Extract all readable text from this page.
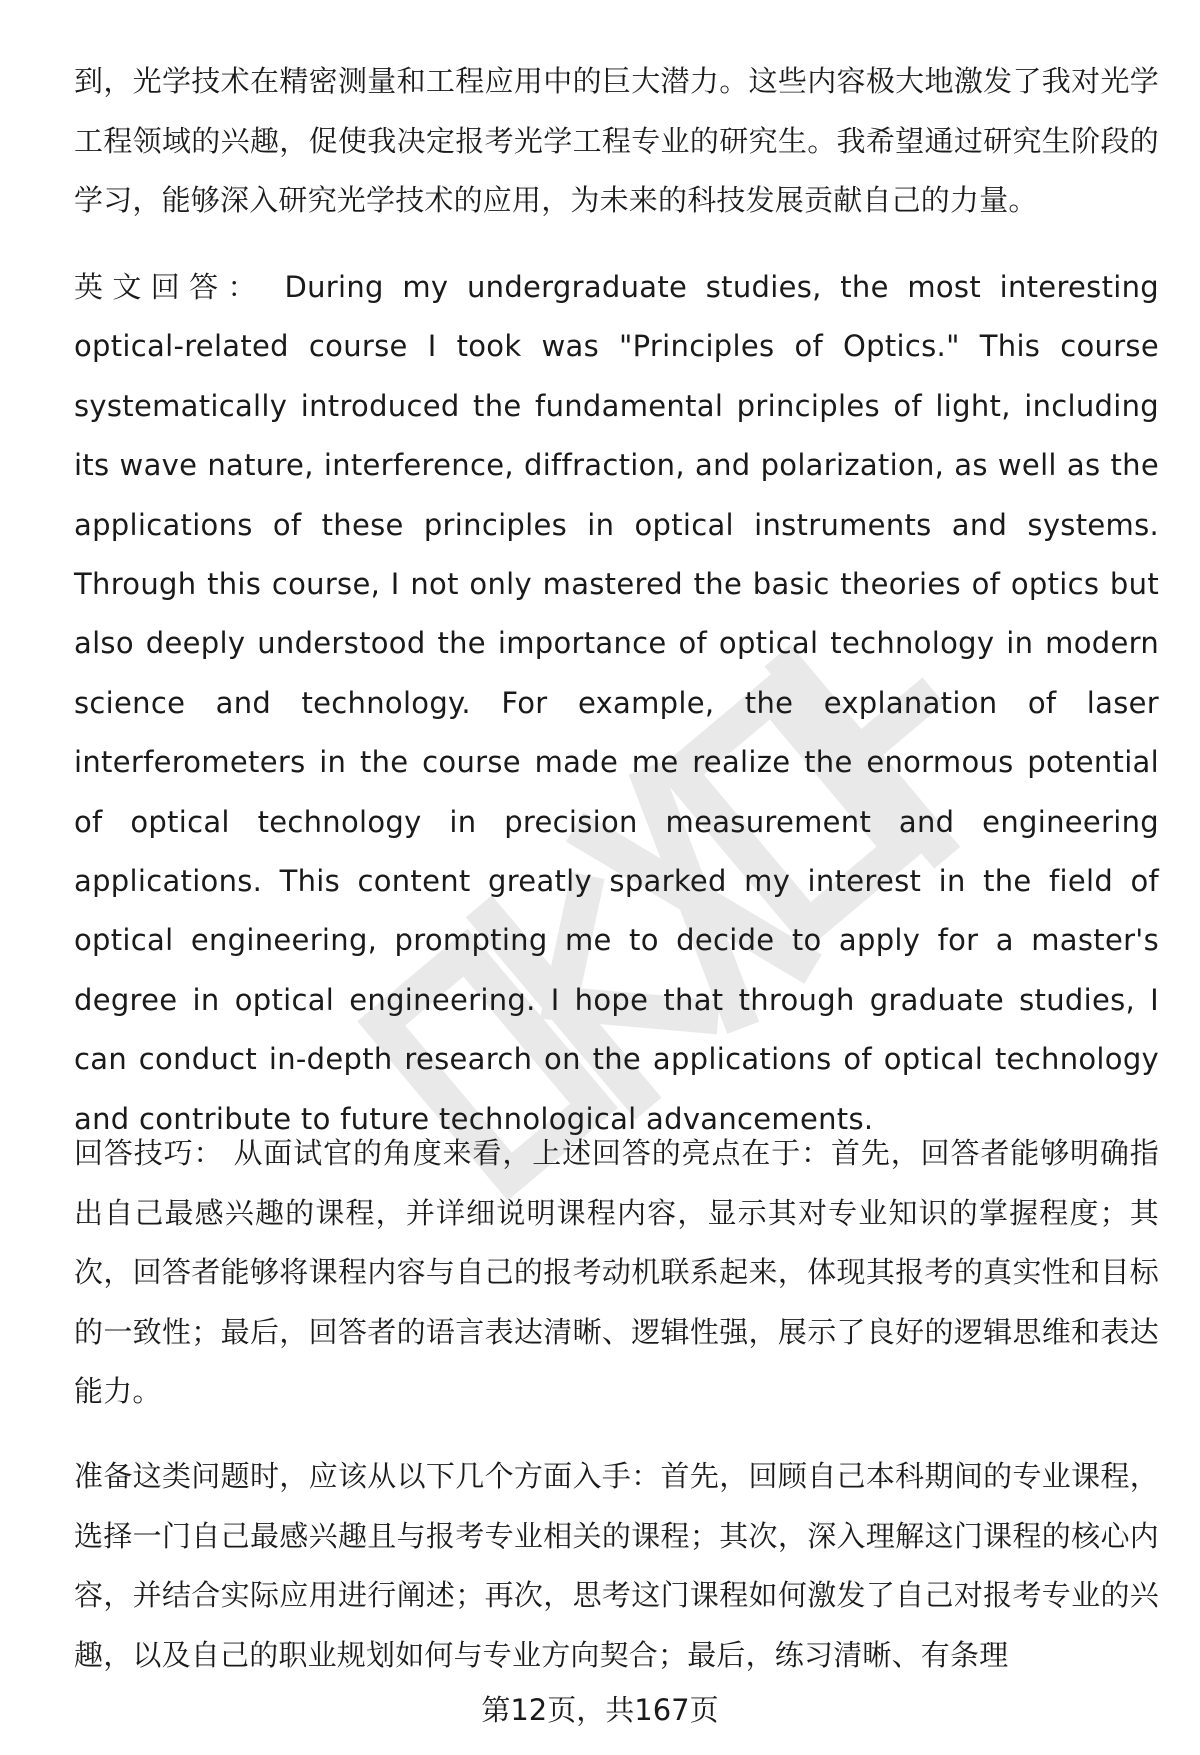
到，光学技术在精密测量和工程应用中的巨大潜力。这些内容极大地激发了我对光学工程领域的兴趣，促使我决定报考光学工程专业的研究生。我希望通过研究生阶段的学习，能够深入研究光学技术的应用，为未来的科技发展贡献自己的力量。

英文回答： During my undergraduate studies, the most interesting optical-related course I took was "Principles of Optics." This course systematically introduced the fundamental principles of light, including its wave nature, interference, diffraction, and polarization, as well as the applications of these principles in optical instruments and systems. Through this course, I not only mastered the basic theories of optics but also deeply understood the importance of optical technology in modern science and technology. For example, the explanation of laser interferometers in the course made me realize the enormous potential of optical technology in precision measurement and engineering applications. This content greatly sparked my interest in the field of optical engineering, prompting me to decide to apply for a master's degree in optical engineering. I hope that through graduate studies, I can conduct in-depth research on the applications of optical technology and contribute to future technological advancements.

回答技巧： 从面试官的角度来看，上述回答的亮点在于：首先，回答者能够明确指出自己最感兴趣的课程，并详细说明课程内容，显示其对专业知识的掌握程度；其次，回答者能够将课程内容与自己的报考动机联系起来，体现其报考的真实性和目标的一致性；最后，回答者的语言表达清晰、逻辑性强，展示了良好的逻辑思维和表达能力。

准备这类问题时，应该从以下几个方面入手：首先，回顾自己本科期间的专业课程，选择一门自己最感兴趣且与报考专业相关的课程；其次，深入理解这门课程的核心内容，并结合实际应用进行阐述；再次，思考这门课程如何激发了自己对报考专业的兴趣，以及自己的职业规划如何与专业方向契合；最后，练习清晰、有条理

第12页，共167页
